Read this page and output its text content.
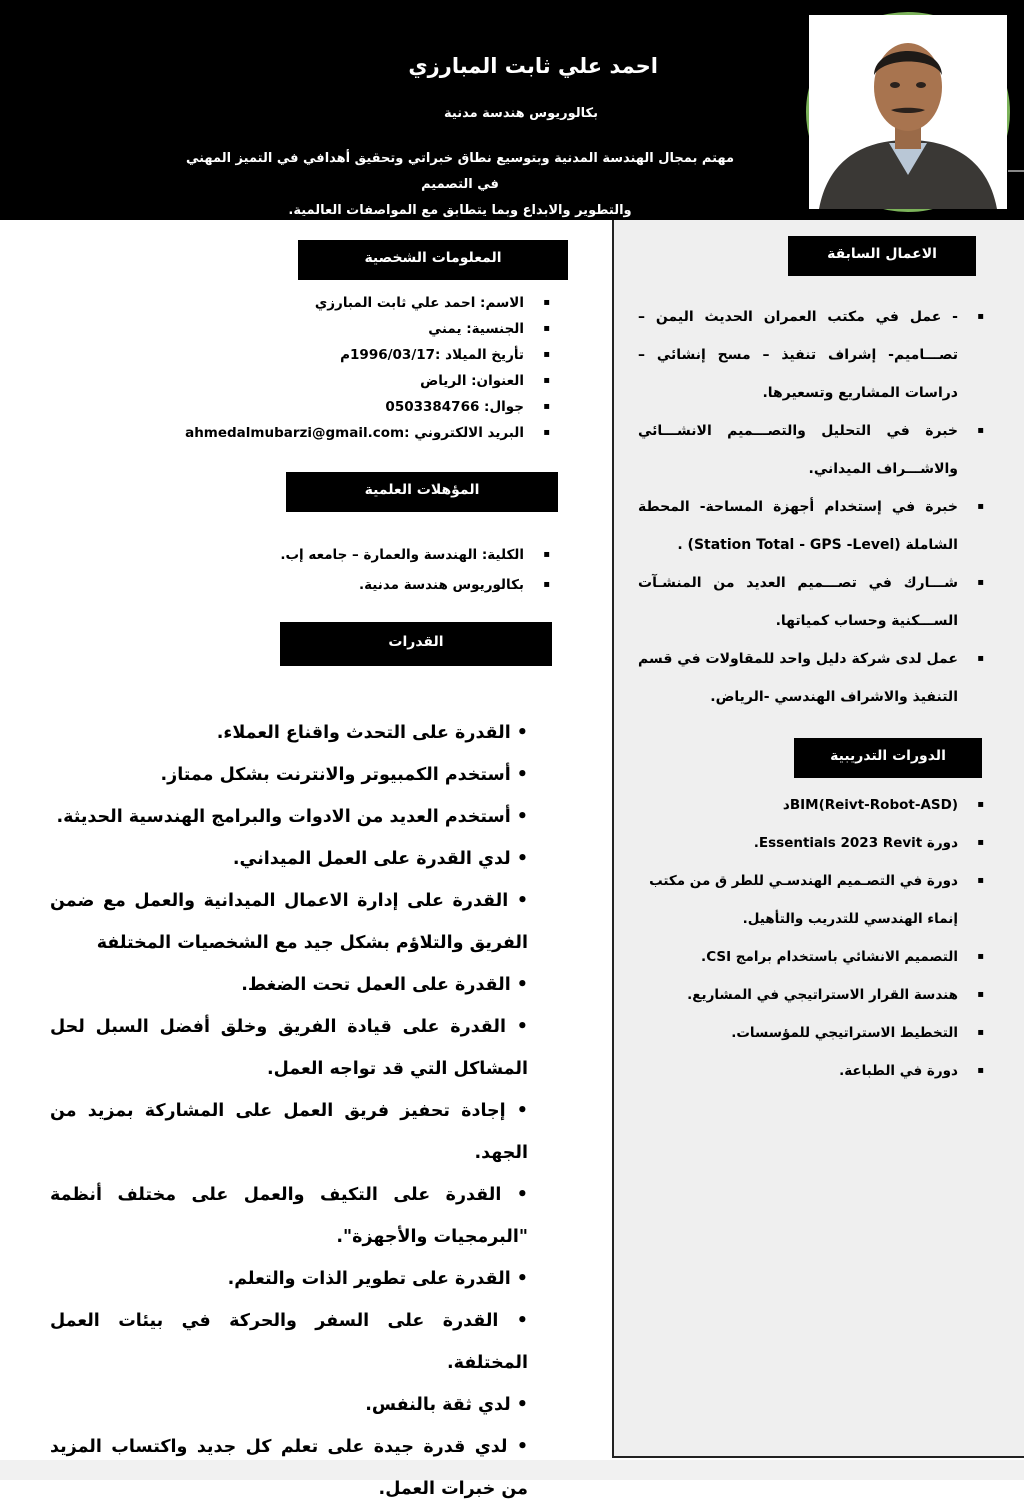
احمد علي ثابت المبارزي
بكالوريوس هندسة مدنية
مهتم بمجال الهندسة المدنية وبتوسيع نطاق خبراتي وتحقيق أهدافي في التميز المهني في التصميم
والتطوير والابداع وبما يتطابق مع المواصفات العالمية.
الاعمال السابقة
▪ - عمل في مكتب العمران الحديث اليمن – تصـــاميم- إشراف تنفيذ – مسح إنشائي –دراسات المشاريع وتسعيرها.
▪ خبرة في التحليل والتصـــميم الانشـــائي والاشـــراف الميداني.
▪ خبرة في إستخدام أجهزة المساحة- المحطة الشاملة (Station Total - GPS -Level) .
▪ شـــارك في تصـــميم العديد من المنشـآت الســـكنية وحساب كمياتها.
▪ عمل لدى شركة دليل واحد للمقاولات في قسم التنفيذ والاشراف الهندسي -الرياض.
الدورات التدريبية
▪ BIM(Reivt-Robot-ASD)د
▪ دورة Essentials 2023 Revit.
▪ دورة في التصـميم الهندسـي للطر ق من مكتب إنماء الهندسي للتدريب والتأهيل.
▪ التصميم الانشائي باستخدام برامج CSI.
▪ هندسة القرار الاستراتيجي في المشاريع.
▪ التخطيط الاستراتيجي للمؤسسات.
▪ دورة في الطباعة.
المعلومات الشخصية
▪ الاسم: احمد علي ثابت المبارزي
▪ الجنسية: يمني
▪ تأريخ الميلاد :1996/03/17م
▪ العنوان: الرياض
▪ جوال: 0503384766
▪ البريد الالكتروني :ahmedalmubarzi@gmail.com
المؤهلات العلمية
▪ الكلية: الهندسة والعمارة – جامعه إب.
▪ بكالوريوس هندسة مدنية.
القدرات

• القدرة على التحدث واقناع العملاء.

• أستخدم الكمبيوتر والانترنت بشكل ممتاز.

• أستخدم العديد من الادوات والبرامج الهندسية الحديثة.

• لدي القدرة على العمل الميداني.

• القدرة على إدارة الاعمال الميدانية والعمل مع ضمن الفريق والتلاؤم بشكل جيد مع الشخصيات المختلفة

• القدرة على العمل تحت الضغط.

• القدرة على قيادة الفريق وخلق أفضل السبل لحل المشاكل التي قد تواجه العمل.

• إجادة تحفيز فريق العمل على المشاركة بمزيد من الجهد.

• القدرة على التكيف والعمل على مختلف أنظمة "البرمجيات والأجهزة".

• القدرة على تطوير الذات والتعلم.

• القدرة على السفر والحركة في بيئات العمل المختلفة.

• لدي ثقة بالنفس.

• لدي قدرة جيدة على تعلم كل جديد واكتساب المزيد من خبرات العمل.
